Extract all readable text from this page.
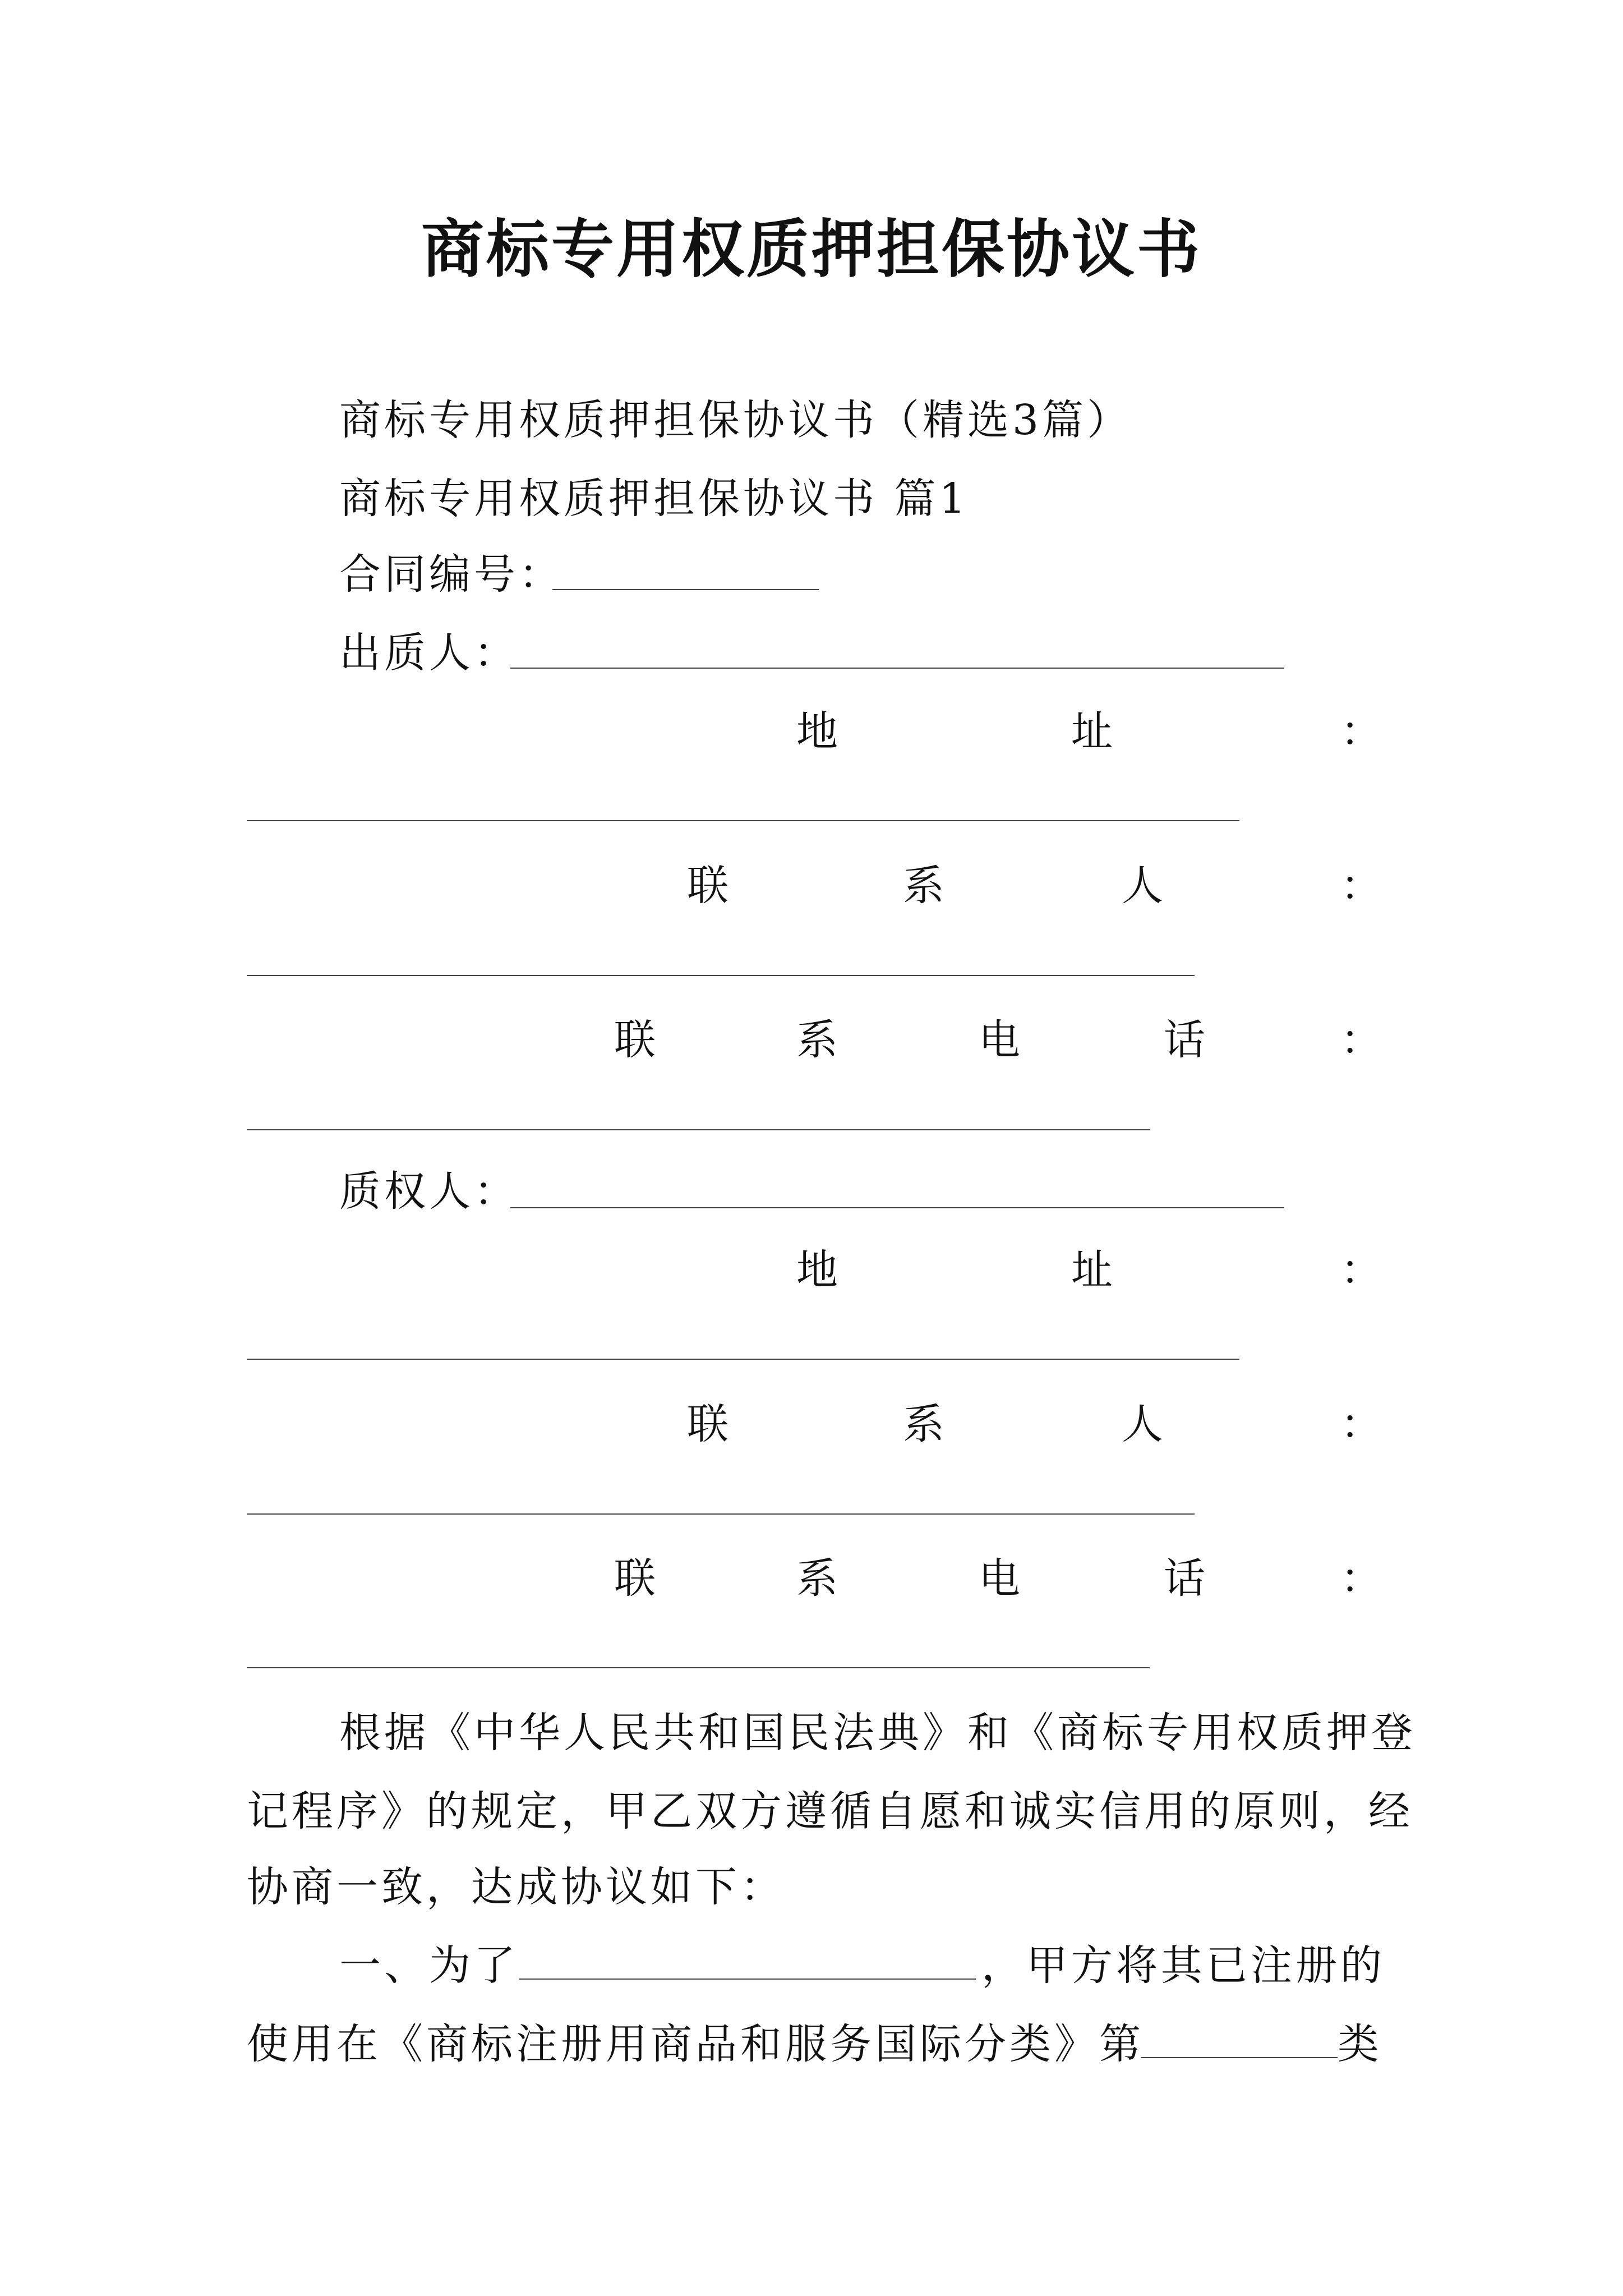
商标专用权质押担保协议书
商标专用权质押担保协议书（精选3篇）
商标专用权质押担保协议书 篇1
合同编号：
出质人：
地	址	：
联	系	人	：
联	系	电	话	：
质权人：
地	址	：
联	系	人	：
联	系	电	话	：
根据《中华人民共和国民法典》和《商标专用权质押登
记程序》的规定，甲乙双方遵循自愿和诚实信用的原则，经
协商一致，达成协议如下：
一、为了	，甲方将其已注册的
使用在《商标注册用商品和服务国际分类》第	类
